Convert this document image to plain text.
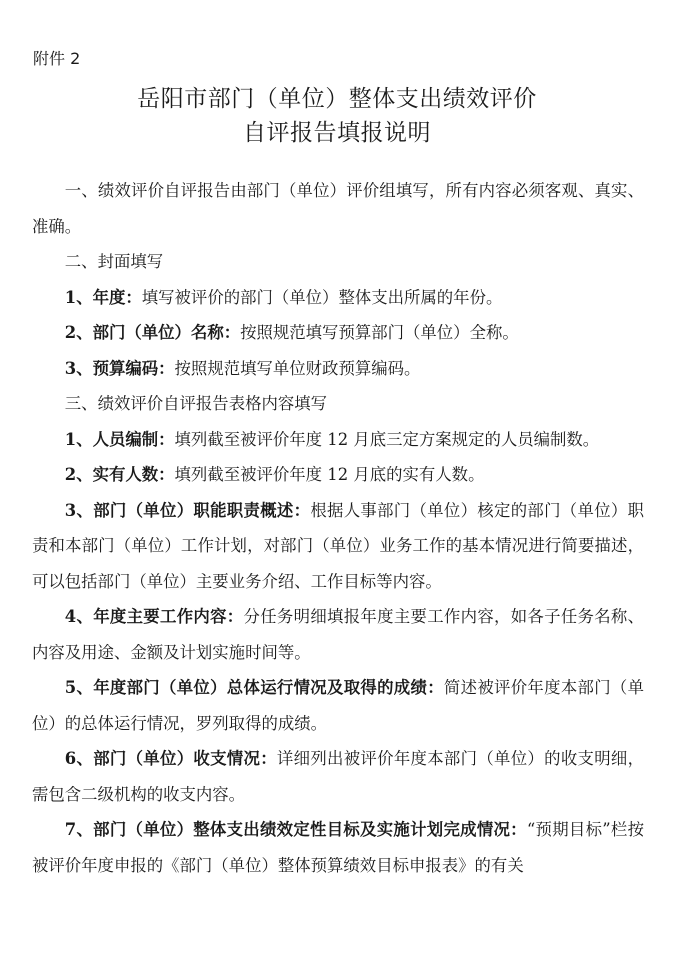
附件 2
岳阳市部门（单位）整体支出绩效评价
自评报告填报说明

一、绩效评价自评报告由部门（单位）评价组填写，所有内容必须客观、真实、准确。

二、封面填写

1、年度：填写被评价的部门（单位）整体支出所属的年份。

2、部门（单位）名称：按照规范填写预算部门（单位）全称。

3、预算编码：按照规范填写单位财政预算编码。

三、绩效评价自评报告表格内容填写

1、人员编制：填列截至被评价年度 12 月底三定方案规定的人员编制数。

2、实有人数：填列截至被评价年度 12 月底的实有人数。

3、部门（单位）职能职责概述：根据人事部门（单位）核定的部门（单位）职责和本部门（单位）工作计划，对部门（单位）业务工作的基本情况进行简要描述，可以包括部门（单位）主要业务介绍、工作目标等内容。

4、年度主要工作内容：分任务明细填报年度主要工作内容，如各子任务名称、内容及用途、金额及计划实施时间等。

5、年度部门（单位）总体运行情况及取得的成绩：简述被评价年度本部门（单位）的总体运行情况，罗列取得的成绩。

6、部门（单位）收支情况：详细列出被评价年度本部门（单位）的收支明细，需包含二级机构的收支内容。

7、部门（单位）整体支出绩效定性目标及实施计划完成情况：“预期目标”栏按被评价年度申报的《部门（单位）整体预算绩效目标申报表》的有关
